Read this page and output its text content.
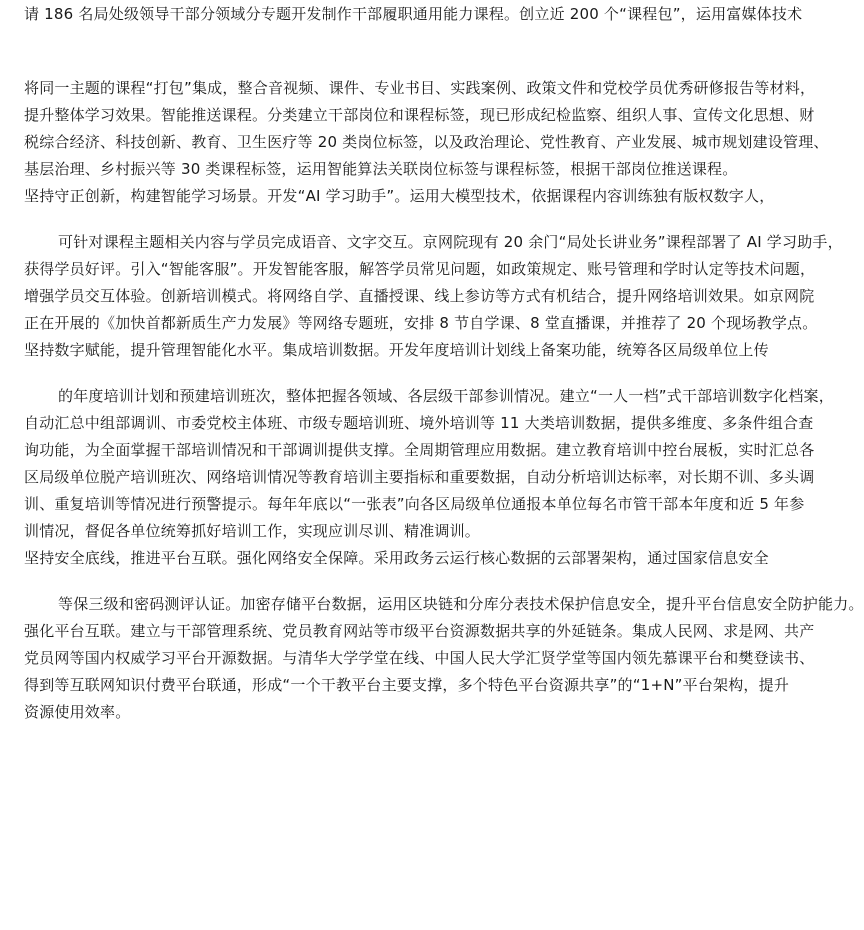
请 186 名局处级领导干部分领域分专题开发制作干部履职通用能力课程。创立近 200 个“课程包”，运用富媒体技术
将同一主题的课程“打包”集成，整合音视频、课件、专业书目、实践案例、政策文件和党校学员优秀研修报告等材料，
提升整体学习效果。智能推送课程。分类建立干部岗位和课程标签，现已形成纪检监察、组织人事、宣传文化思想、财
税综合经济、科技创新、教育、卫生医疗等 20 类岗位标签，以及政治理论、党性教育、产业发展、城市规划建设管理、
基层治理、乡村振兴等 30 类课程标签，运用智能算法关联岗位标签与课程标签，根据干部岗位推送课程。
坚持守正创新，构建智能学习场景。开发“AI 学习助手”。运用大模型技术，依据课程内容训练独有版权数字人，
可针对课程主题相关内容与学员完成语音、文字交互。京网院现有 20 余门“局处长讲业务”课程部署了 AI 学习助手，
获得学员好评。引入“智能客服”。开发智能客服，解答学员常见问题，如政策规定、账号管理和学时认定等技术问题，
增强学员交互体验。创新培训模式。将网络自学、直播授课、线上参访等方式有机结合，提升网络培训效果。如京网院
正在开展的《加快首都新质生产力发展》等网络专题班，安排 8 节自学课、8 堂直播课，并推荐了 20 个现场教学点。
坚持数字赋能，提升管理智能化水平。集成培训数据。开发年度培训计划线上备案功能，统筹各区局级单位上传
的年度培训计划和预建培训班次，整体把握各领域、各层级干部参训情况。建立“一人一档”式干部培训数字化档案，
自动汇总中组部调训、市委党校主体班、市级专题培训班、境外培训等 11 大类培训数据，提供多维度、多条件组合查
询功能，为全面掌握干部培训情况和干部调训提供支撑。全周期管理应用数据。建立教育培训中控台展板，实时汇总各
区局级单位脱产培训班次、网络培训情况等教育培训主要指标和重要数据，自动分析培训达标率，对长期不训、多头调
训、重复培训等情况进行预警提示。每年年底以“一张表”向各区局级单位通报本单位每名市管干部本年度和近 5 年参
训情况，督促各单位统筹抓好培训工作，实现应训尽训、精准调训。
坚持安全底线，推进平台互联。强化网络安全保障。采用政务云运行核心数据的云部署架构，通过国家信息安全
等保三级和密码测评认证。加密存储平台数据，运用区块链和分库分表技术保护信息安全，提升平台信息安全防护能力。
强化平台互联。建立与干部管理系统、党员教育网站等市级平台资源数据共享的外延链条。集成人民网、求是网、共产
党员网等国内权威学习平台开源数据。与清华大学学堂在线、中国人民大学汇贤学堂等国内领先慕课平台和樊登读书、
得到等互联网知识付费平台联通，形成“一个干教平台主要支撑，多个特色平台资源共享”的“1+N”平台架构，提升
资源使用效率。
